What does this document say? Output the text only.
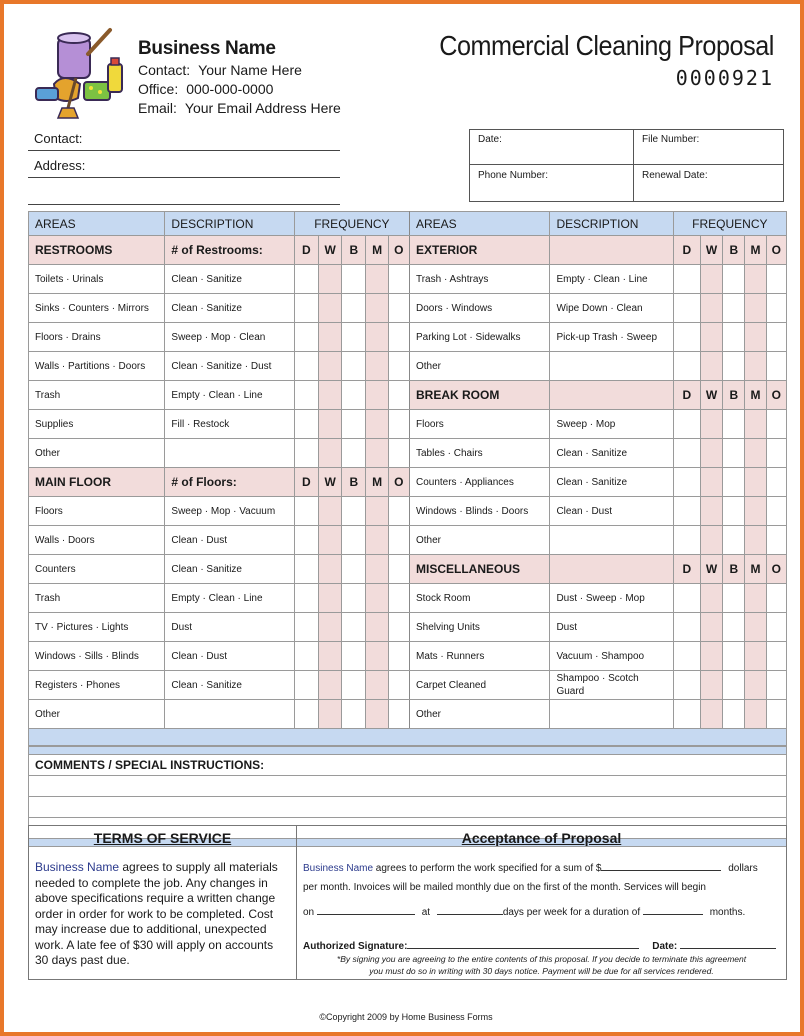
Business Name
Contact: Your Name Here
Office: 000-000-0000
Email: Your Email Address Here
Commercial Cleaning Proposal
0000921
Contact:
Address:
Date:	File Number:
Phone Number:	Renewal Date:
AREAS	DESCRIPTION	FREQUENCY					AREAS	DESCRIPTION	FREQUENCY				
RESTROOMS	# of Restrooms:	D	W	B	M	O	EXTERIOR		D	W	B	M	O
Toilets · Urinals	Clean · Sanitize						Trash · Ashtrays	Empty · Clean · Line					
Sinks · Counters · Mirrors	Clean · Sanitize						Doors · Windows	Wipe Down · Clean					
Floors · Drains	Sweep · Mop · Clean						Parking Lot · Sidewalks	Pick-up Trash · Sweep					
Walls · Partitions · Doors	Clean · Sanitize · Dust						Other						
Trash	Empty · Clean · Line						BREAK ROOM		D	W	B	M	O
Supplies	Fill · Restock						Floors	Sweep · Mop					
Other							Tables · Chairs	Clean · Sanitize					
MAIN FLOOR	# of Floors:	D	W	B	M	O	Counters · Appliances	Clean · Sanitize					
Floors	Sweep · Mop · Vacuum						Windows · Blinds · Doors	Clean · Dust					
Walls · Doors	Clean · Dust						Other						
Counters	Clean · Sanitize						MISCELLANEOUS		D	W	B	M	O
Trash	Empty · Clean · Line						Stock Room	Dust · Sweep · Mop					
TV · Pictures · Lights	Dust						Shelving Units	Dust					
Windows · Sills · Blinds	Clean · Dust						Mats · Runners	Vacuum · Shampoo					
Registers · Phones	Clean · Sanitize						Carpet Cleaned	Shampoo · Scotch Guard					
Other							Other						

COMMENTS / SPECIAL INSTRUCTIONS:

TERMS OF SERVICE
Business Name agrees to supply all materials needed to complete the job. Any changes in above specifications require a written change order in order for work to be completed. Cost may increase due to additional, unexpected work. A late fee of $30 will apply on accounts 30 days past due.
Acceptance of Proposal
Business Name agrees to perform the work specified for a sum of $	dollars
per month. Invoices will be mailed monthly due on the first of the month. Services will begin
on	at	days per week for a duration of	months.
Authorized Signature:	Date:
*By signing you are agreeing to the entire contents of this proposal. If you decide to terminate this agreement
you must do so in writing with 30 days notice. Payment will be due for all services rendered.
©Copyright 2009 by Home Business Forms
